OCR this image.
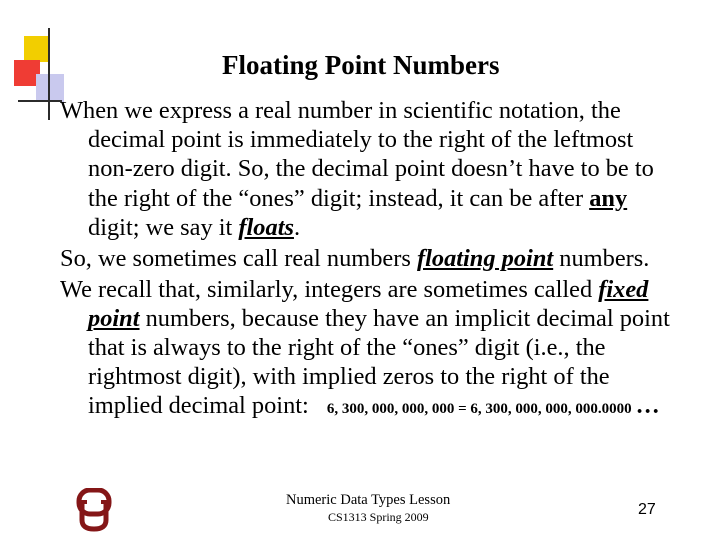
Floating Point Numbers

When we express a real number in scientific notation, the decimal point is immediately to the right of the leftmost non-zero digit. So, the decimal point doesn’t have to be to the right of the “ones” digit; instead, it can be after any digit; we say it floats.

So, we sometimes call real numbers floating point numbers.

We recall that, similarly, integers are sometimes called fixed point numbers, because they have an implicit decimal point that is always to the right of the “ones” digit (i.e., the rightmost digit), with implied zeros to the right of the implied decimal point: 6, 300, 000, 000, 000 = 6, 300, 000, 000, 000.0000 …

Numeric Data Types Lesson
CS1313 Spring 2009	27
